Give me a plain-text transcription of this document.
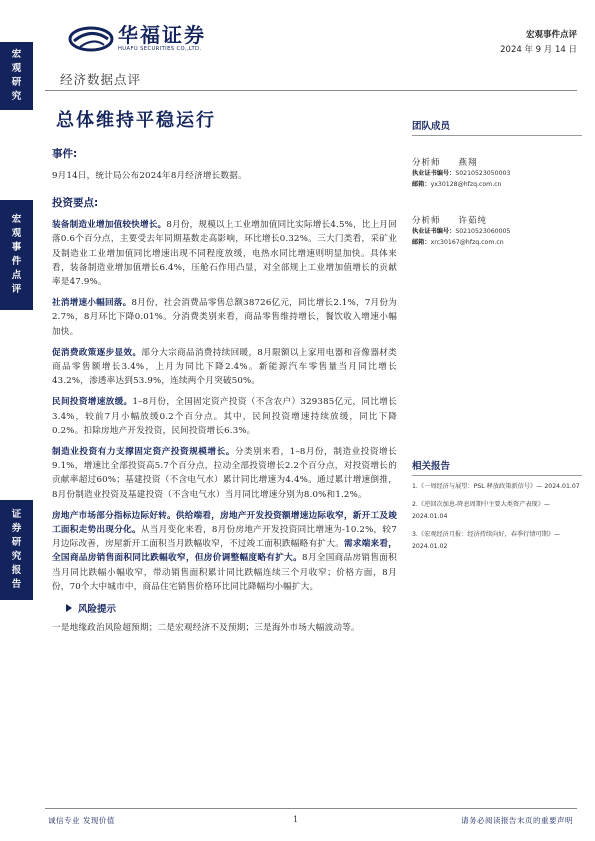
宏
观
研
究
宏
观
事
件
点
评
证
券
研
究
报
告
华福证券
HUAFU SECURITIES CO.,LTD.
宏观事件点评
2024 年 9 月 14 日
经济数据点评
总体维持平稳运行
事件:

9月14日，统计局公布2024年8月经济增长数据。

投资要点:

装备制造业增加值较快增长。8月份，规模以上工业增加值同比实际增长4.5%，比上月回落0.6个百分点，主要受去年同期基数走高影响，环比增长0.32%。三大门类看，采矿业及制造业工业增加值同比增速出现不同程度放缓，电热水同比增速则明显加快。具体来看，装备制造业增加值增长6.4%，压舱石作用凸显，对全部规上工业增加值增长的贡献率是47.9%。

社消增速小幅回落。8月份，社会消费品零售总额38726亿元，同比增长2.1%，7月份为2.7%，8月环比下降0.01%。分消费类别来看，商品零售维持增长，餐饮收入增速小幅加快。

促消费政策逐步显效。部分大宗商品消费持续回暖，8月限额以上家用电器和音像器材类商品零售额增长3.4%，上月为同比下降2.4%。新能源汽车零售量当月同比增长43.2%，渗透率达到53.9%，连续两个月突破50%。

民间投资增速放缓。1–8月份，全国固定资产投资（不含农户）329385亿元，同比增长3.4%，较前7月小幅放缓0.2个百分点。其中，民间投资增速持续放缓，同比下降0.2%。扣除房地产开发投资，民间投资增长6.3%。

制造业投资有力支撑固定资产投资规模增长。分类别来看，1–8月份，制造业投资增长9.1%，增速比全部投资高5.7个百分点，拉动全部投资增长2.2个百分点，对投资增长的贡献率超过60%；基建投资（不含电气水）累计同比增速为4.4%。通过累计增速倒推，8月份制造业投资及基建投资（不含电气水）当月同比增速分别为8.0%和1.2%。

房地产市场部分指标边际好转。供给端看，房地产开发投资额增速边际收窄，新开工及竣工面积走势出现分化。从当月变化来看，8月份房地产开发投资同比增速为-10.2%，较7月边际改善，房屋新开工面积当月跌幅收窄，不过竣工面积跌幅略有扩大。需求端来看，全国商品房销售面积同比跌幅收窄，但房价调整幅度略有扩大。8月全国商品房销售面积当月同比跌幅小幅收窄，带动销售面积累计同比跌幅连续三个月收窄；价格方面，8月份，70个大中城市中，商品住宅销售价格环比同比降幅均小幅扩大。

风险提示

一是地缘政治风险超预期；二是宏观经济不及预期；三是海外市场大幅波动等。

团队成员
分析师 燕翔
执业证书编号：S0210523050003
邮箱：yx30128@hfzq.com.cn
分析师 许茹纯
执业证书编号：S0210523060005
邮箱：xrc30167@hfzq.com.cn
相关报告
1.《一周经济与展望：PSL 释放政策新信号》— 2024.01.07
2.《逆回次加息-降息周期中主要大类资产表现》— 2024.01.04
3.《宏观经济月报：经济持续向好，春季行情可期》— 2024.01.02
诚信专业 发现价值	1	请务必阅读报告末页的重要声明
